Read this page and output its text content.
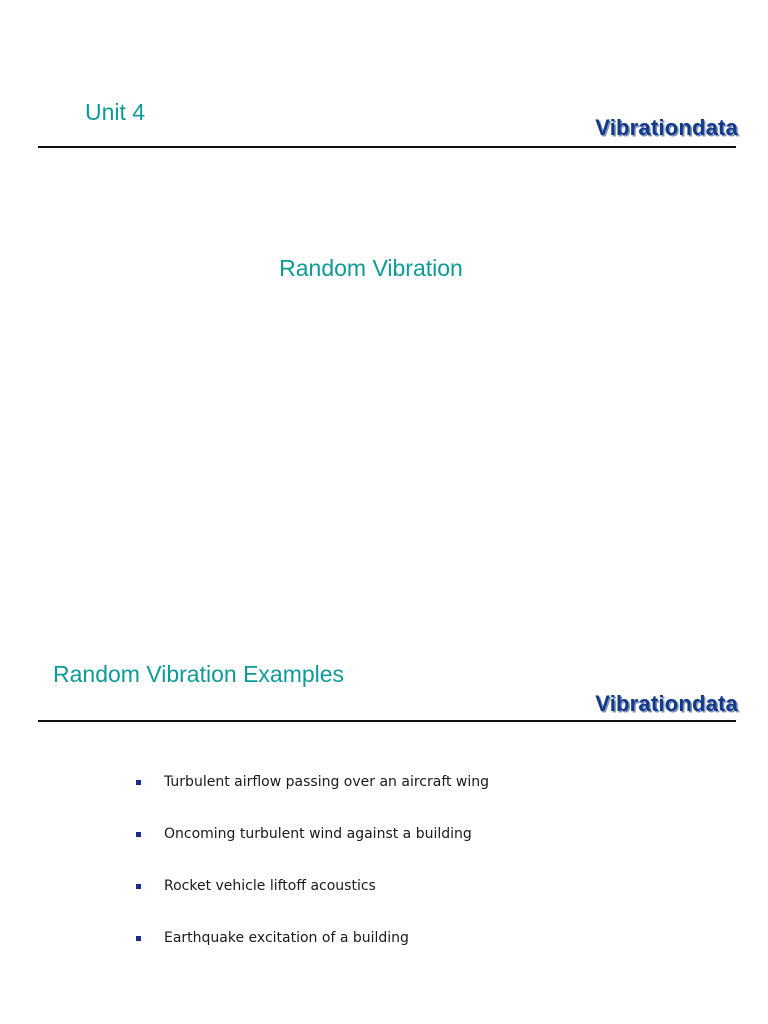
Unit 4
Vibrationdata
Random Vibration
Random Vibration Examples
Vibrationdata
Turbulent airflow passing over an aircraft wing
Oncoming turbulent wind against a building
Rocket vehicle liftoff acoustics
Earthquake excitation of a building
